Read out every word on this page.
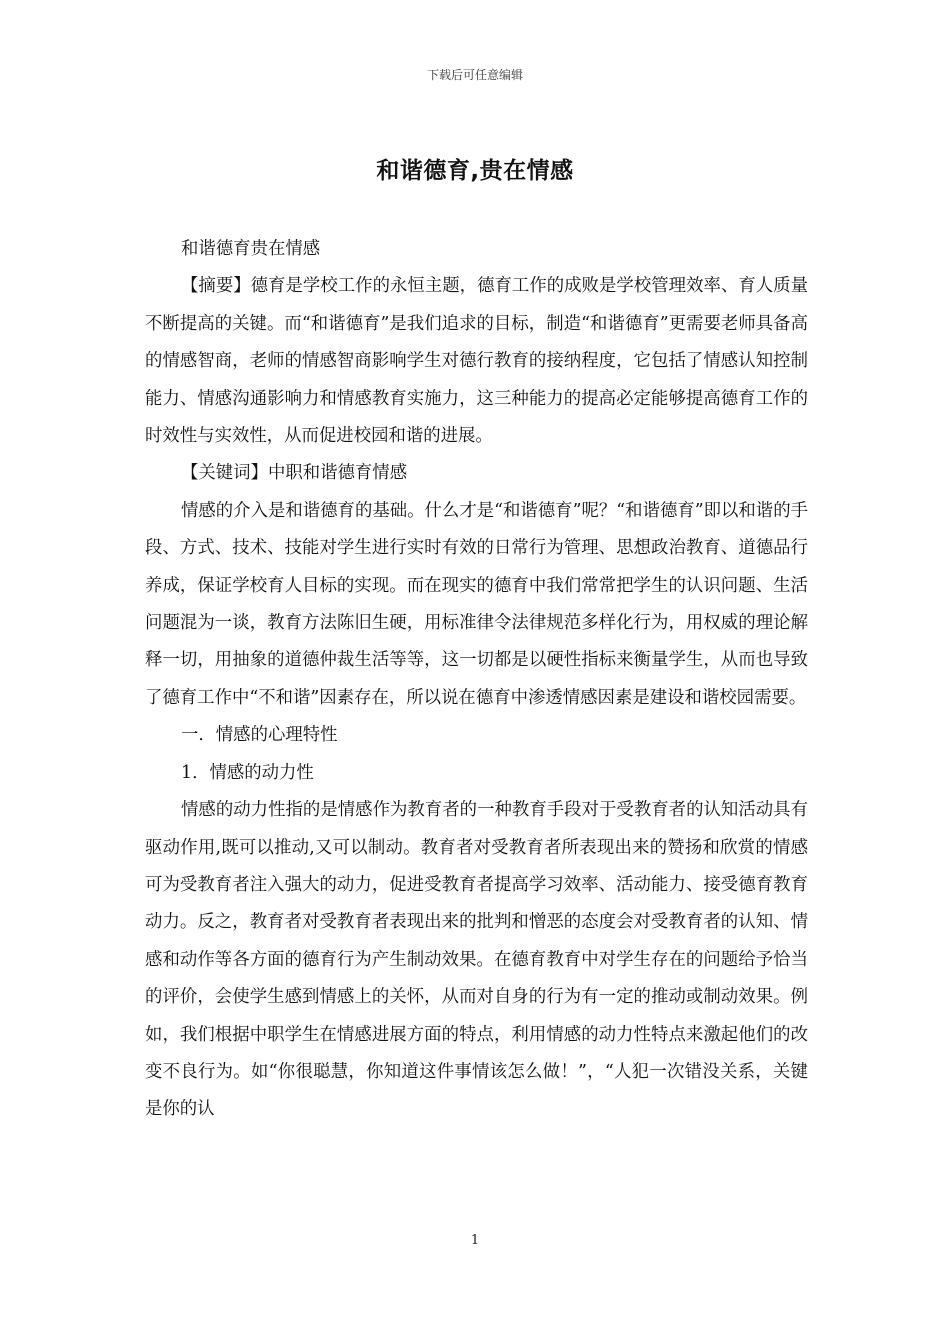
下载后可任意编辑
和谐德育,贵在情感

和谐德育贵在情感

【摘要】德育是学校工作的永恒主题，德育工作的成败是学校管理效率、育人质量不断提高的关键。而“和谐德育”是我们追求的目标，制造“和谐德育”更需要老师具备高的情感智商，老师的情感智商影响学生对德行教育的接纳程度，它包括了情感认知控制能力、情感沟通影响力和情感教育实施力，这三种能力的提高必定能够提高德育工作的时效性与实效性，从而促进校园和谐的进展。

【关键词】中职和谐德育情感

情感的介入是和谐德育的基础。什么才是“和谐德育”呢？“和谐德育”即以和谐的手段、方式、技术、技能对学生进行实时有效的日常行为管理、思想政治教育、道德品行养成，保证学校育人目标的实现。而在现实的德育中我们常常把学生的认识问题、生活问题混为一谈，教育方法陈旧生硬，用标准律令法律规范多样化行为，用权威的理论解释一切，用抽象的道德仲裁生活等等，这一切都是以硬性指标来衡量学生，从而也导致了德育工作中“不和谐”因素存在，所以说在德育中渗透情感因素是建设和谐校园需要。

一．情感的心理特性

1．情感的动力性

情感的动力性指的是情感作为教育者的一种教育手段对于受教育者的认知活动具有驱动作用,既可以推动,又可以制动。教育者对受教育者所表现出来的赞扬和欣赏的情感可为受教育者注入强大的动力，促进受教育者提高学习效率、活动能力、接受德育教育动力。反之，教育者对受教育者表现出来的批判和憎恶的态度会对受教育者的认知、情感和动作等各方面的德育行为产生制动效果。在德育教育中对学生存在的问题给予恰当的评价，会使学生感到情感上的关怀，从而对自身的行为有一定的推动或制动效果。例如，我们根据中职学生在情感进展方面的特点，利用情感的动力性特点来激起他们的改变不良行为。如“你很聪慧，你知道这件事情该怎么做！”，“人犯一次错没关系，关键是你的认

1
